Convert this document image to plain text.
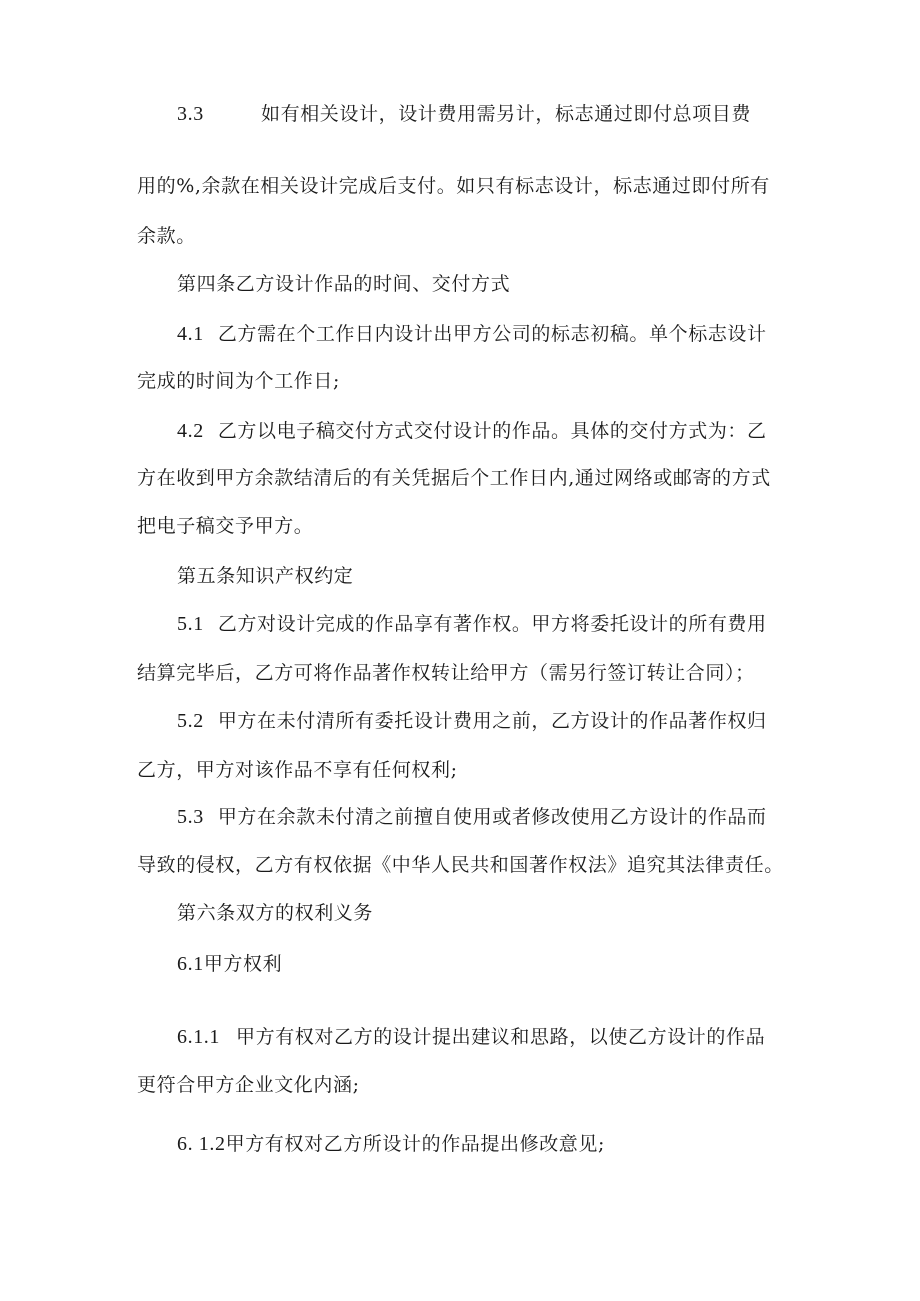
3.3	如有相关设计，设计费用需另计，标志通过即付总项目费
用的%,余款在相关设计完成后支付。如只有标志设计，标志通过即付所有
余款。
第四条乙方设计作品的时间、交付方式
4.1 乙方需在个工作日内设计出甲方公司的标志初稿。单个标志设计
完成的时间为个工作日;
4.2 乙方以电子稿交付方式交付设计的作品。具体的交付方式为：乙
方在收到甲方余款结清后的有关凭据后个工作日内,通过网络或邮寄的方式
把电子稿交予甲方。
第五条知识产权约定
5.1 乙方对设计完成的作品享有著作权。甲方将委托设计的所有费用
结算完毕后，乙方可将作品著作权转让给甲方（需另行签订转让合同）；
5.2 甲方在未付清所有委托设计费用之前，乙方设计的作品著作权归
乙方，甲方对该作品不享有任何权利;
5.3 甲方在余款未付清之前擅自使用或者修改使用乙方设计的作品而
导致的侵权，乙方有权依据《中华人民共和国著作权法》追究其法律责任。
第六条双方的权利义务
6.1甲方权利
6.1.1 甲方有权对乙方的设计提出建议和思路，以使乙方设计的作品
更符合甲方企业文化内涵;
6. 1.2甲方有权对乙方所设计的作品提出修改意见;
